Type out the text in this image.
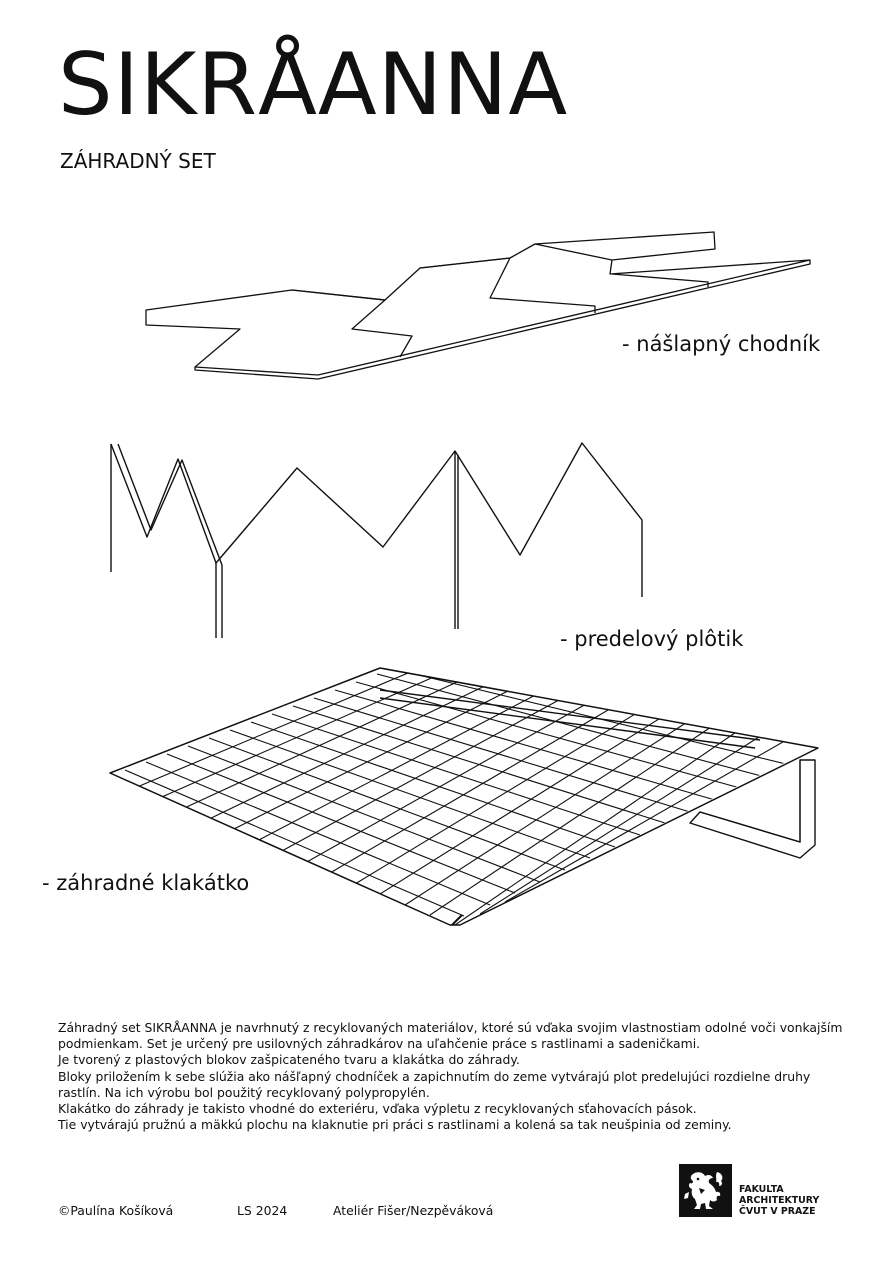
SIKRÅANNA
ZÁHRADNÝ SET
- nášlapný chodník
- predelový plôtik
- záhradné klakátko

Záhradný set SIKRÅANNA je navrhnutý z recyklovaných materiálov, ktoré sú vďaka svojim vlastnostiam odolné voči vonkajším podmienkam. Set je určený pre usilovných záhradkárov na uľahčenie práce s rastlinami a sadeničkami.

Je tvorený z plastových blokov zašpicateného tvaru a klakátka do záhrady.

Bloky priložením k sebe slúžia ako nášľapný chodníček a zapichnutím do zeme vytvárajú plot predelujúci rozdielne druhy rastlín. Na ich výrobu bol použitý recyklovaný polypropylén.

Klakátko do záhrady je takisto vhodné do exteriéru, vďaka výpletu z recyklovaných sťahovacích pások.

Tie vytvárajú pružnú a mäkkú plochu na klaknutie pri práci s rastlinami a kolená sa tak neušpinia od zeminy.

©Paulína Košíková	LS 2024	Ateliér Fišer/Nezpěváková
FAKULTA
ARCHITEKTURY
ČVUT V PRAZE
